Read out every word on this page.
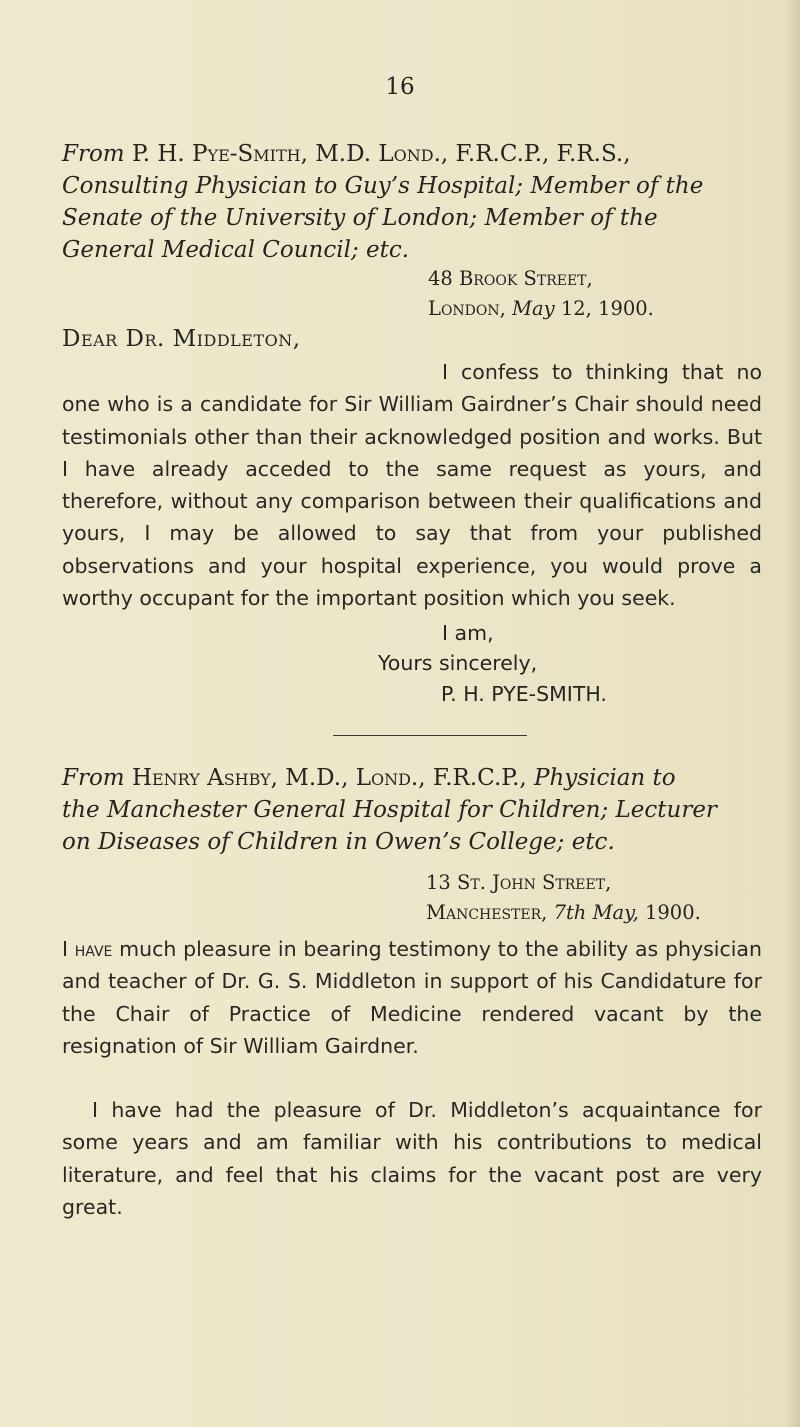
16

From P. H. Pye-Smith, M.D. Lond., F.R.C.P., F.R.S.,
Consulting Physician to Guy’s Hospital; Member of the
Senate of the University of London; Member of the
General Medical Council; etc.
48 Brook Street,
London, May 12, 1900.

Dear Dr. Middleton,

I confess to thinking that no one who is a candidate for Sir William Gairdner’s Chair should need testimonials other than their acknowledged position and works. But I have already acceded to the same request as yours, and therefore, without any comparison between their qualifications and yours, I may be allowed to say that from your published observations and your hospital experience, you would prove a worthy occupant for the important position which you seek.

I am,

Yours sincerely,

P. H. PYE-SMITH.

From Henry Ashby, M.D., Lond., F.R.C.P., Physician to
the Manchester General Hospital for Children; Lecturer
on Diseases of Children in Owen’s College; etc.
13 St. John Street,
Manchester, 7th May, 1900.

I have much pleasure in bearing testimony to the ability as physician and teacher of Dr. G. S. Middleton in support of his Candidature for the Chair of Practice of Medicine rendered vacant by the resignation of Sir William Gairdner.

I have had the pleasure of Dr. Middleton’s acquaintance for some years and am familiar with his contributions to medical literature, and feel that his claims for the vacant post are very great.
